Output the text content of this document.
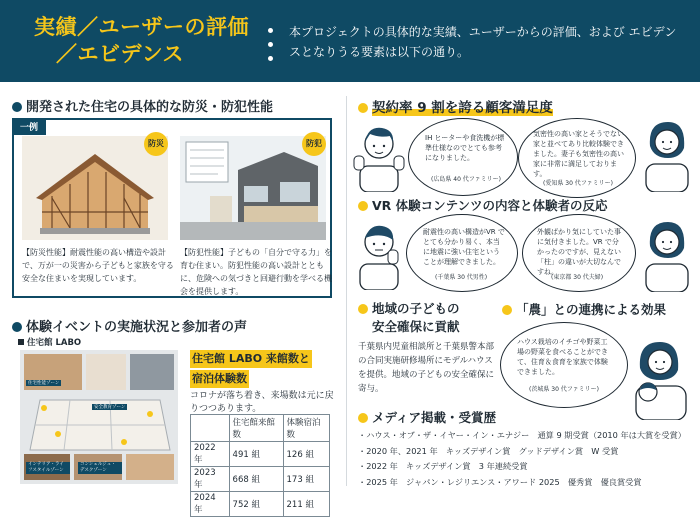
実績／ユーザーの評価
／エビデンス
本プロジェクトの具体的な実績、ユーザーからの評価、および エビデンスとなりうる要素は以下の通り。
開発された住宅の具体的な防災・防犯性能
一例
防災	防犯
【防災性能】耐震性能の高い構造や設計で、万が一の災害から子どもと家族を守る安全な住まいを実現しています。
【防犯性能】子どもの「自分で守る力」を育む住まい。防犯性能の高い設計とともに、危険への気づきと回避行動を学べる機会を提供します。
体験イベントの実施状況と参加者の声
住宅館 LABO
住宅性能ゾーン
安全教育ゾーン
インテリア・ライフスタイルゾーン
コンシェルジュ・デスクゾーン
住宅館 LABO 来館数と
宿泊体験数
コロナが落ち着き、来場数は元に戻りつつあります。
	住宅館来館数	体験宿泊数
2022 年	491 組	126 組
2023 年	668 組	173 組
2024 年	752 組	211 組
契約率 9 割を誇る顧客満足度
IH ヒーターや食洗機が標準仕様なのでとても参考になりました。
(広島県 40 代ファミリー)
気密性の高い家とそうでない家と並べてあり比較体験できました。妻子も気密性の高い家に非常に満足しております。
(愛知県 30 代ファミリー)
VR 体験コンテンツの内容と体験者の反応
耐震性の高い構造がVR でとても分かり易く、本当に地震に強い住宅ということが理解できました。
(千葉県 30 代男性)
外観ばかり気にしていた事に気付きました。VR で分かったのですが、見えない「柱」の違いが大切なんですね。
(東京都 30 代夫婦)
地域の子どもの
安全確保に貢献
千葉県内児童相談所と千葉県警本部の合同実施研修場所にモデルハウスを提供。地域の子どもの安全確保に寄与。
「農」との連携による効果
ハウス栽培のイチゴや野菜工場の野菜を食べることができて、住育＆食育を家族で体験できました。
(茨城県 30 代ファミリー)
メディア掲載・受賞歴
・ハウス・オブ・ザ・イヤー・イン・エナジー　通算 9 期受賞（2010 年は大賞を受賞）
・2020 年、2021 年　キッズデザイン賞　グッドデザイン賞　W 受賞
・2022 年　キッズデザイン賞　3 年連続受賞
・2025 年　ジャパン・レジリエンス・アワード 2025　優秀賞　優良賞受賞
